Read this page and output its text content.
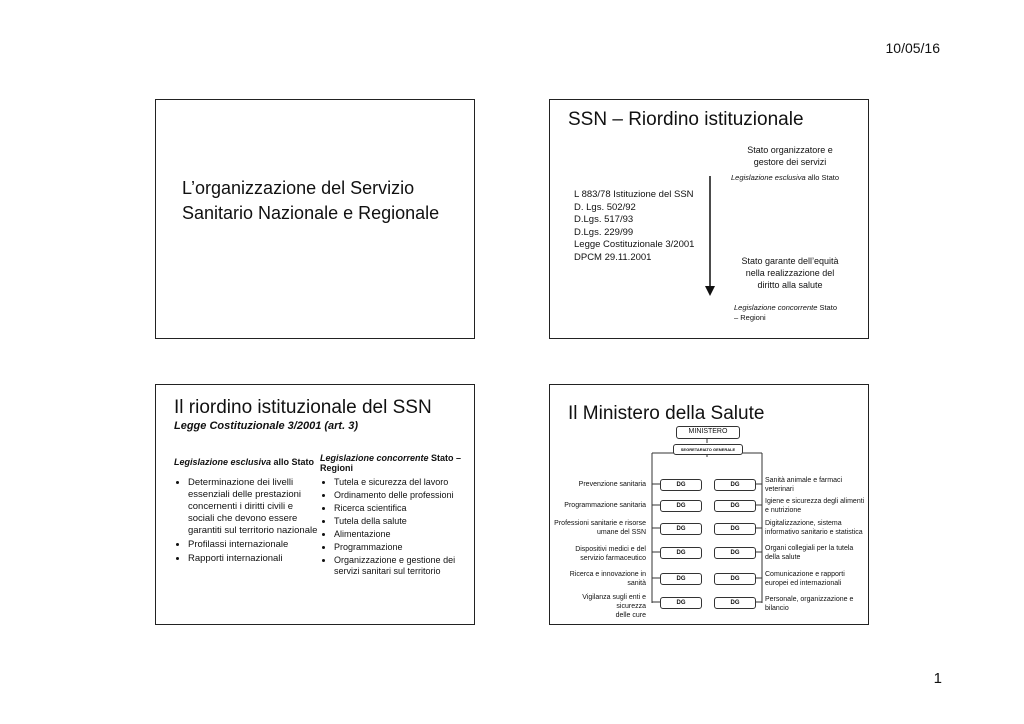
10/05/16
L’organizzazione del Servizio
Sanitario Nazionale e Regionale
SSN – Riordino istituzionale
Stato organizzatore e
gestore dei servizi
Legislazione esclusiva allo Stato
L 883/78 Istituzione del SSN
D. Lgs. 502/92
D.Lgs. 517/93
D.Lgs. 229/99
Legge Costituzionale 3/2001
DPCM 29.11.2001	Stato garante dell’equità
nella realizzazione del
diritto alla salute
Legislazione concorrente Stato
– Regioni
Il riordino istituzionale del SSN
Legge Costituzionale 3/2001 (art. 3)
Legislazione esclusiva allo Stato
• Determinazione dei livelli essenziali delle prestazioni concernenti i diritti civili e sociali che devono essere garantiti sul territorio nazionale
• Profilassi internazionale
• Rapporti internazionali
Legislazione concorrente Stato – Regioni
• Tutela e sicurezza del lavoro
• Ordinamento delle professioni
• Ricerca scientifica
• Tutela della salute
• Alimentazione
• Programmazione
• Organizzazione e gestione dei servizi sanitari sul territorio
Il Ministero della Salute
MINISTERO
SEGRETARIATO GENERALE
DG
DG
DG
DG
DG
DG
DG
DG
DG
DG
DG
DG
Prevenzione sanitaria
Programmazione sanitaria
Professioni sanitarie e risorse
umane del SSN
Dispositivi medici e del
servizio farmaceutico
Ricerca e innovazione in sanità
Vigilanza sugli enti e sicurezza
delle cure
Sanità animale e farmaci
veterinari
Igiene e sicurezza degli alimenti
e nutrizione
Digitalizzazione, sistema
informativo sanitario e statistica
Organi collegiali per la tutela
della salute
Comunicazione e rapporti
europei ed internazionali
Personale, organizzazione e
bilancio
1
